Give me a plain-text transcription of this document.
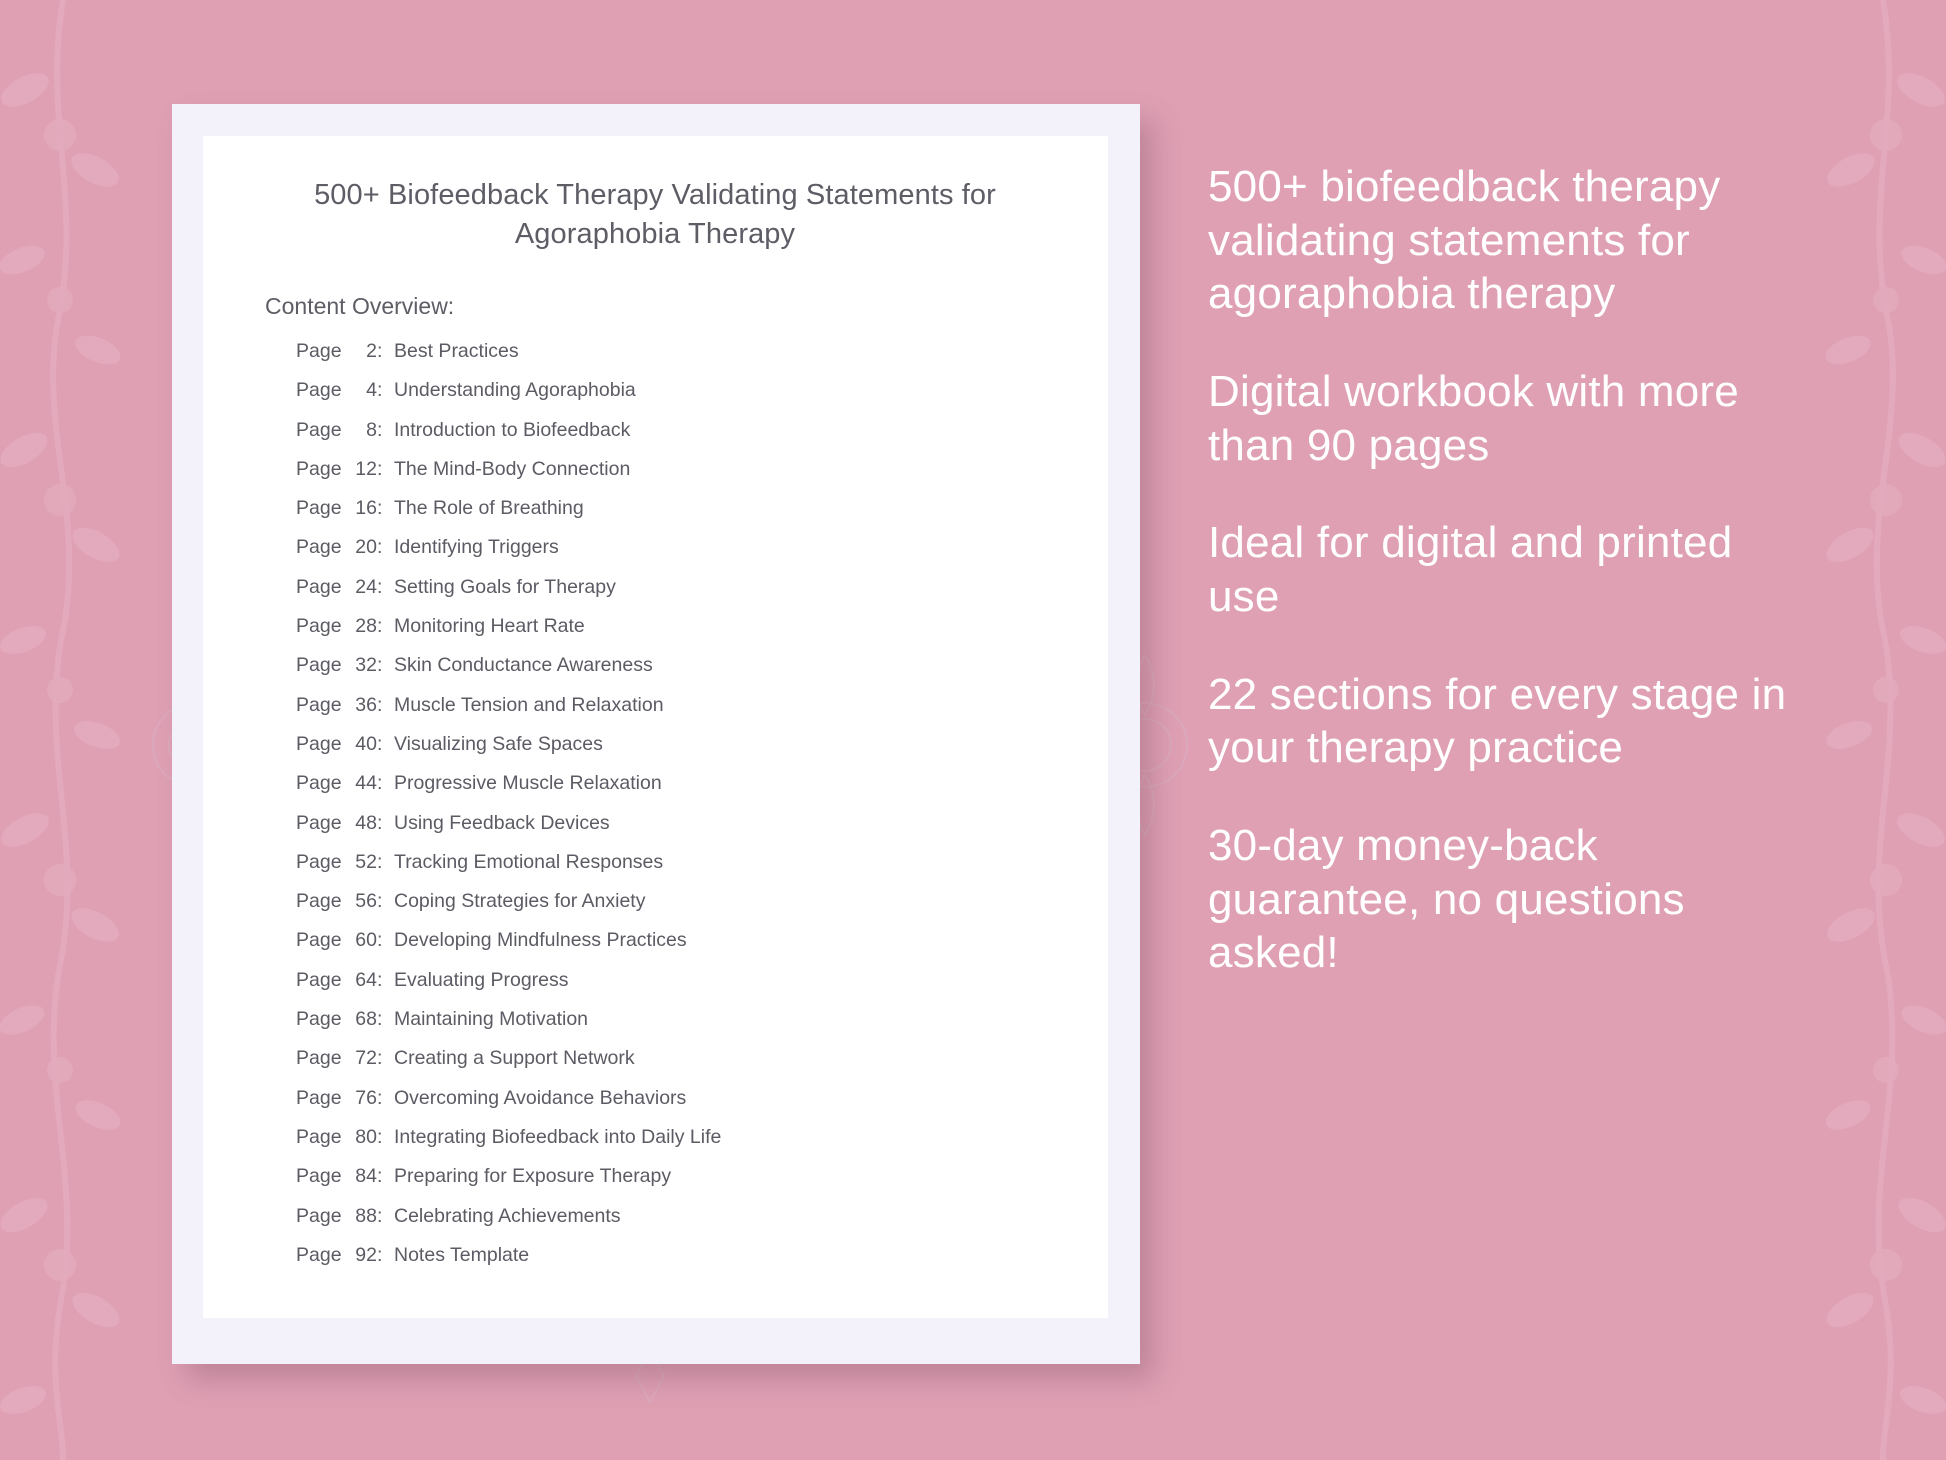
500+ Biofeedback Therapy Validating Statements for Agoraphobia Therapy
Content Overview:
Page 2: Best Practices
Page 4: Understanding Agoraphobia
Page 8: Introduction to Biofeedback
Page 12: The Mind-Body Connection
Page 16: The Role of Breathing
Page 20: Identifying Triggers
Page 24: Setting Goals for Therapy
Page 28: Monitoring Heart Rate
Page 32: Skin Conductance Awareness
Page 36: Muscle Tension and Relaxation
Page 40: Visualizing Safe Spaces
Page 44: Progressive Muscle Relaxation
Page 48: Using Feedback Devices
Page 52: Tracking Emotional Responses
Page 56: Coping Strategies for Anxiety
Page 60: Developing Mindfulness Practices
Page 64: Evaluating Progress
Page 68: Maintaining Motivation
Page 72: Creating a Support Network
Page 76: Overcoming Avoidance Behaviors
Page 80: Integrating Biofeedback into Daily Life
Page 84: Preparing for Exposure Therapy
Page 88: Celebrating Achievements
Page 92: Notes Template
500+ biofeedback therapy validating statements for agoraphobia therapy
Digital workbook with more than 90 pages
Ideal for digital and printed use
22 sections for every stage in your therapy practice
30-day money-back guarantee, no questions asked!
